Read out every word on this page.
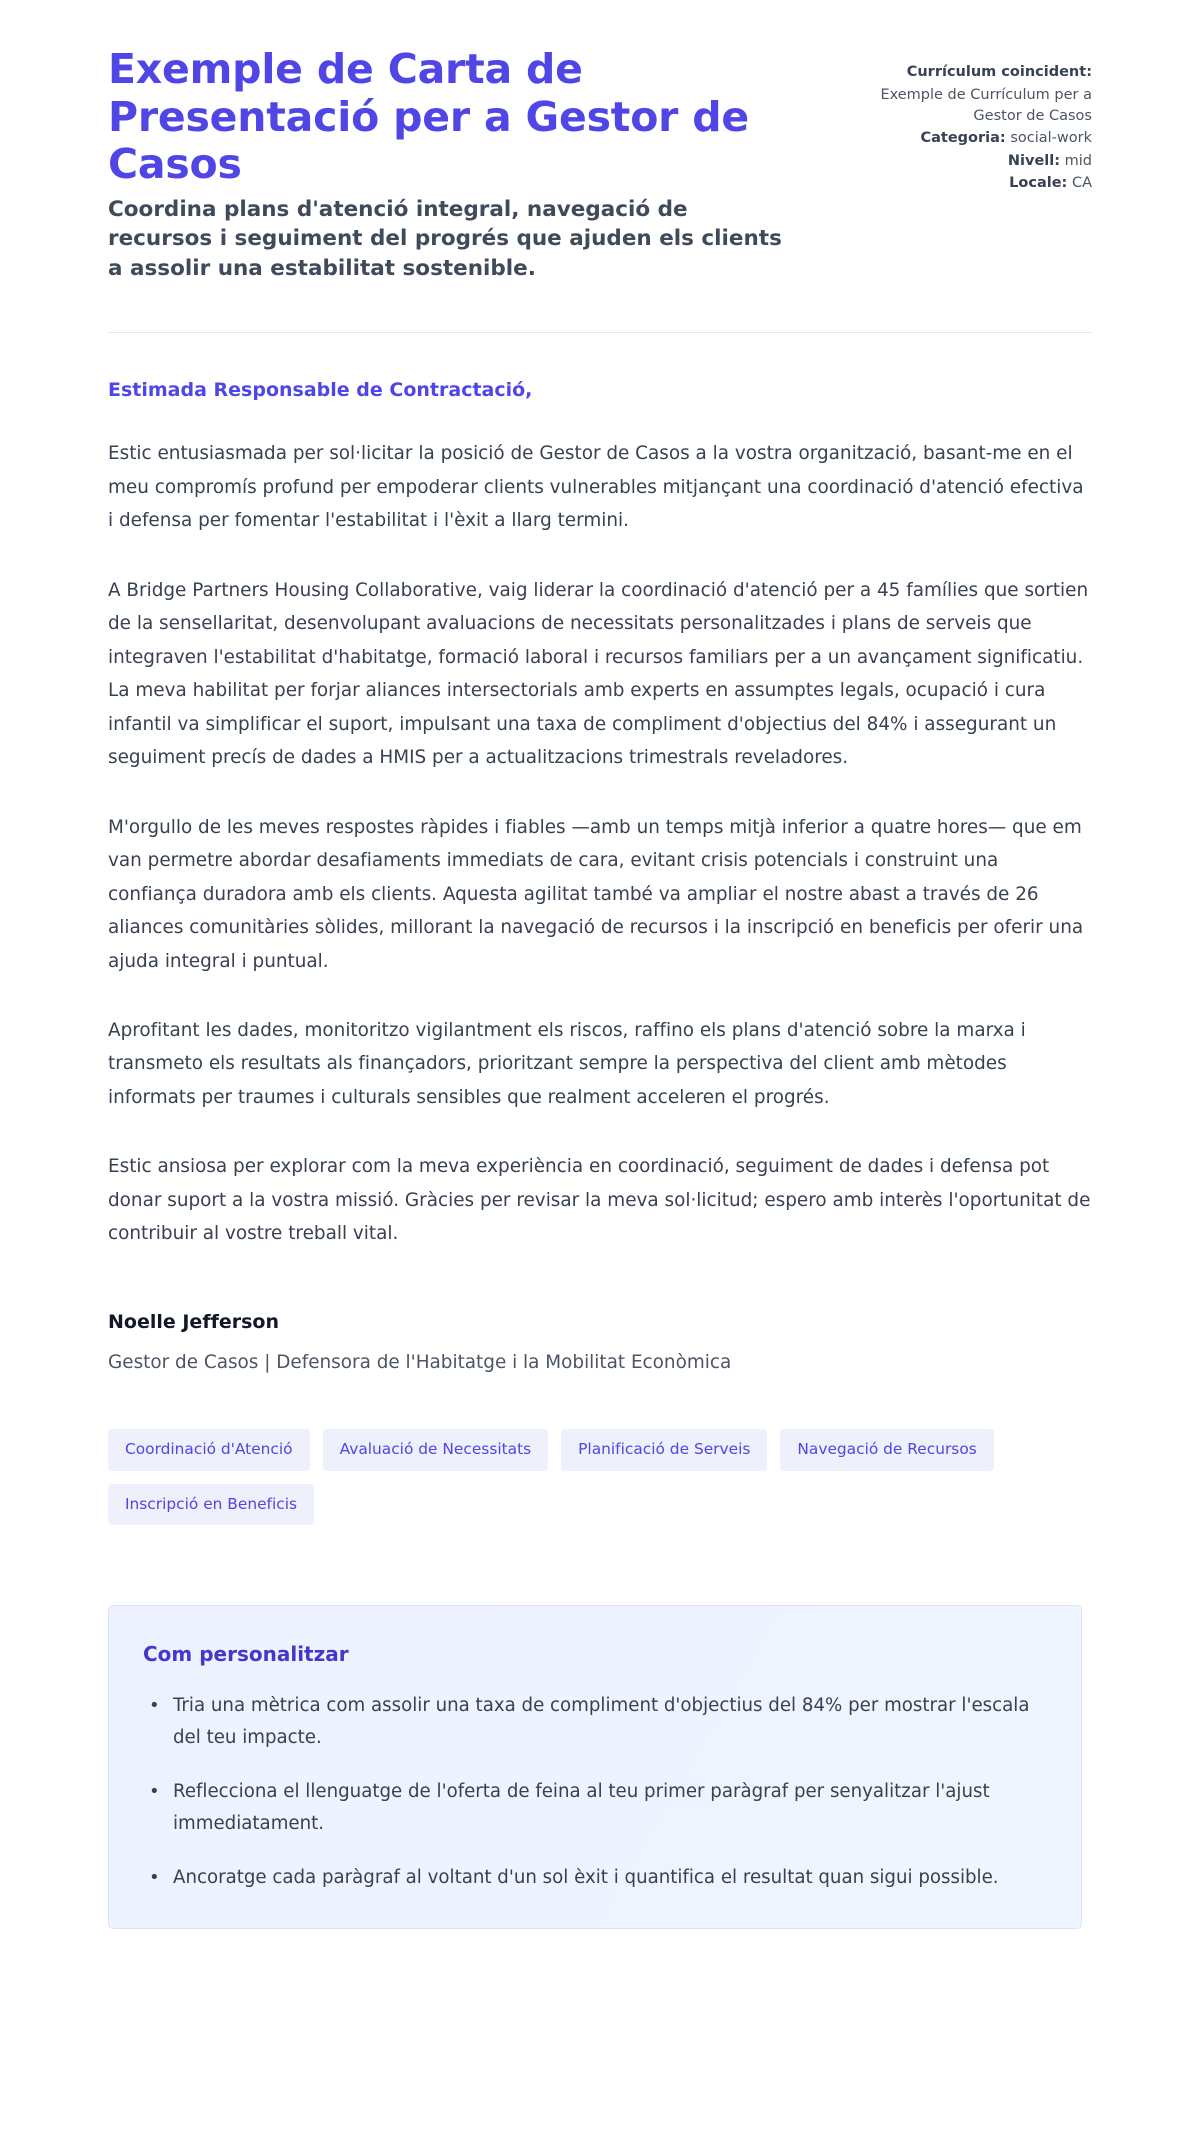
Exemple de Carta de Presentació per a Gestor de Casos

Coordina plans d'atenció integral, navegació de recursos i seguiment del progrés que ajuden els clients a assolir una estabilitat sostenible.

Currículum coincident:
Exemple de Currículum per a Gestor de Casos
Categoria: social-work
Nivell: mid
Locale: CA

Estimada Responsable de Contractació,

Estic entusiasmada per sol·licitar la posició de Gestor de Casos a la vostra organització, basant-me en el meu compromís profund per empoderar clients vulnerables mitjançant una coordinació d'atenció efectiva i defensa per fomentar l'estabilitat i l'èxit a llarg termini.

A Bridge Partners Housing Collaborative, vaig liderar la coordinació d'atenció per a 45 famílies que sortien de la sensellaritat, desenvolupant avaluacions de necessitats personalitzades i plans de serveis que integraven l'estabilitat d'habitatge, formació laboral i recursos familiars per a un avançament significatiu. La meva habilitat per forjar aliances intersectorials amb experts en assumptes legals, ocupació i cura infantil va simplificar el suport, impulsant una taxa de compliment d'objectius del 84% i assegurant un seguiment precís de dades a HMIS per a actualitzacions trimestrals reveladores.

M'orgullo de les meves respostes ràpides i fiables —amb un temps mitjà inferior a quatre hores— que em van permetre abordar desafiaments immediats de cara, evitant crisis potencials i construint una confiança duradora amb els clients. Aquesta agilitat també va ampliar el nostre abast a través de 26 aliances comunitàries sòlides, millorant la navegació de recursos i la inscripció en beneficis per oferir una ajuda integral i puntual.

Aprofitant les dades, monitoritzo vigilantment els riscos, raffino els plans d'atenció sobre la marxa i transmeto els resultats als finançadors, prioritzant sempre la perspectiva del client amb mètodes informats per traumes i culturals sensibles que realment acceleren el progrés.

Estic ansiosa per explorar com la meva experiència en coordinació, seguiment de dades i defensa pot donar suport a la vostra missió. Gràcies per revisar la meva sol·licitud; espero amb interès l'oportunitat de contribuir al vostre treball vital.

Noelle Jefferson

Gestor de Casos | Defensora de l'Habitatge i la Mobilitat Econòmica

Coordinació d'Atenció	Avaluació de Necessitats	Planificació de Serveis	Navegació de Recursos
Inscripció en Beneficis
Com personalitzar
• Tria una mètrica com assolir una taxa de compliment d'objectius del 84% per mostrar l'escala del teu impacte.
• Reflecciona el llenguatge de l'oferta de feina al teu primer paràgraf per senyalitzar l'ajust immediatament.
• Ancoratge cada paràgraf al voltant d'un sol èxit i quantifica el resultat quan sigui possible.
